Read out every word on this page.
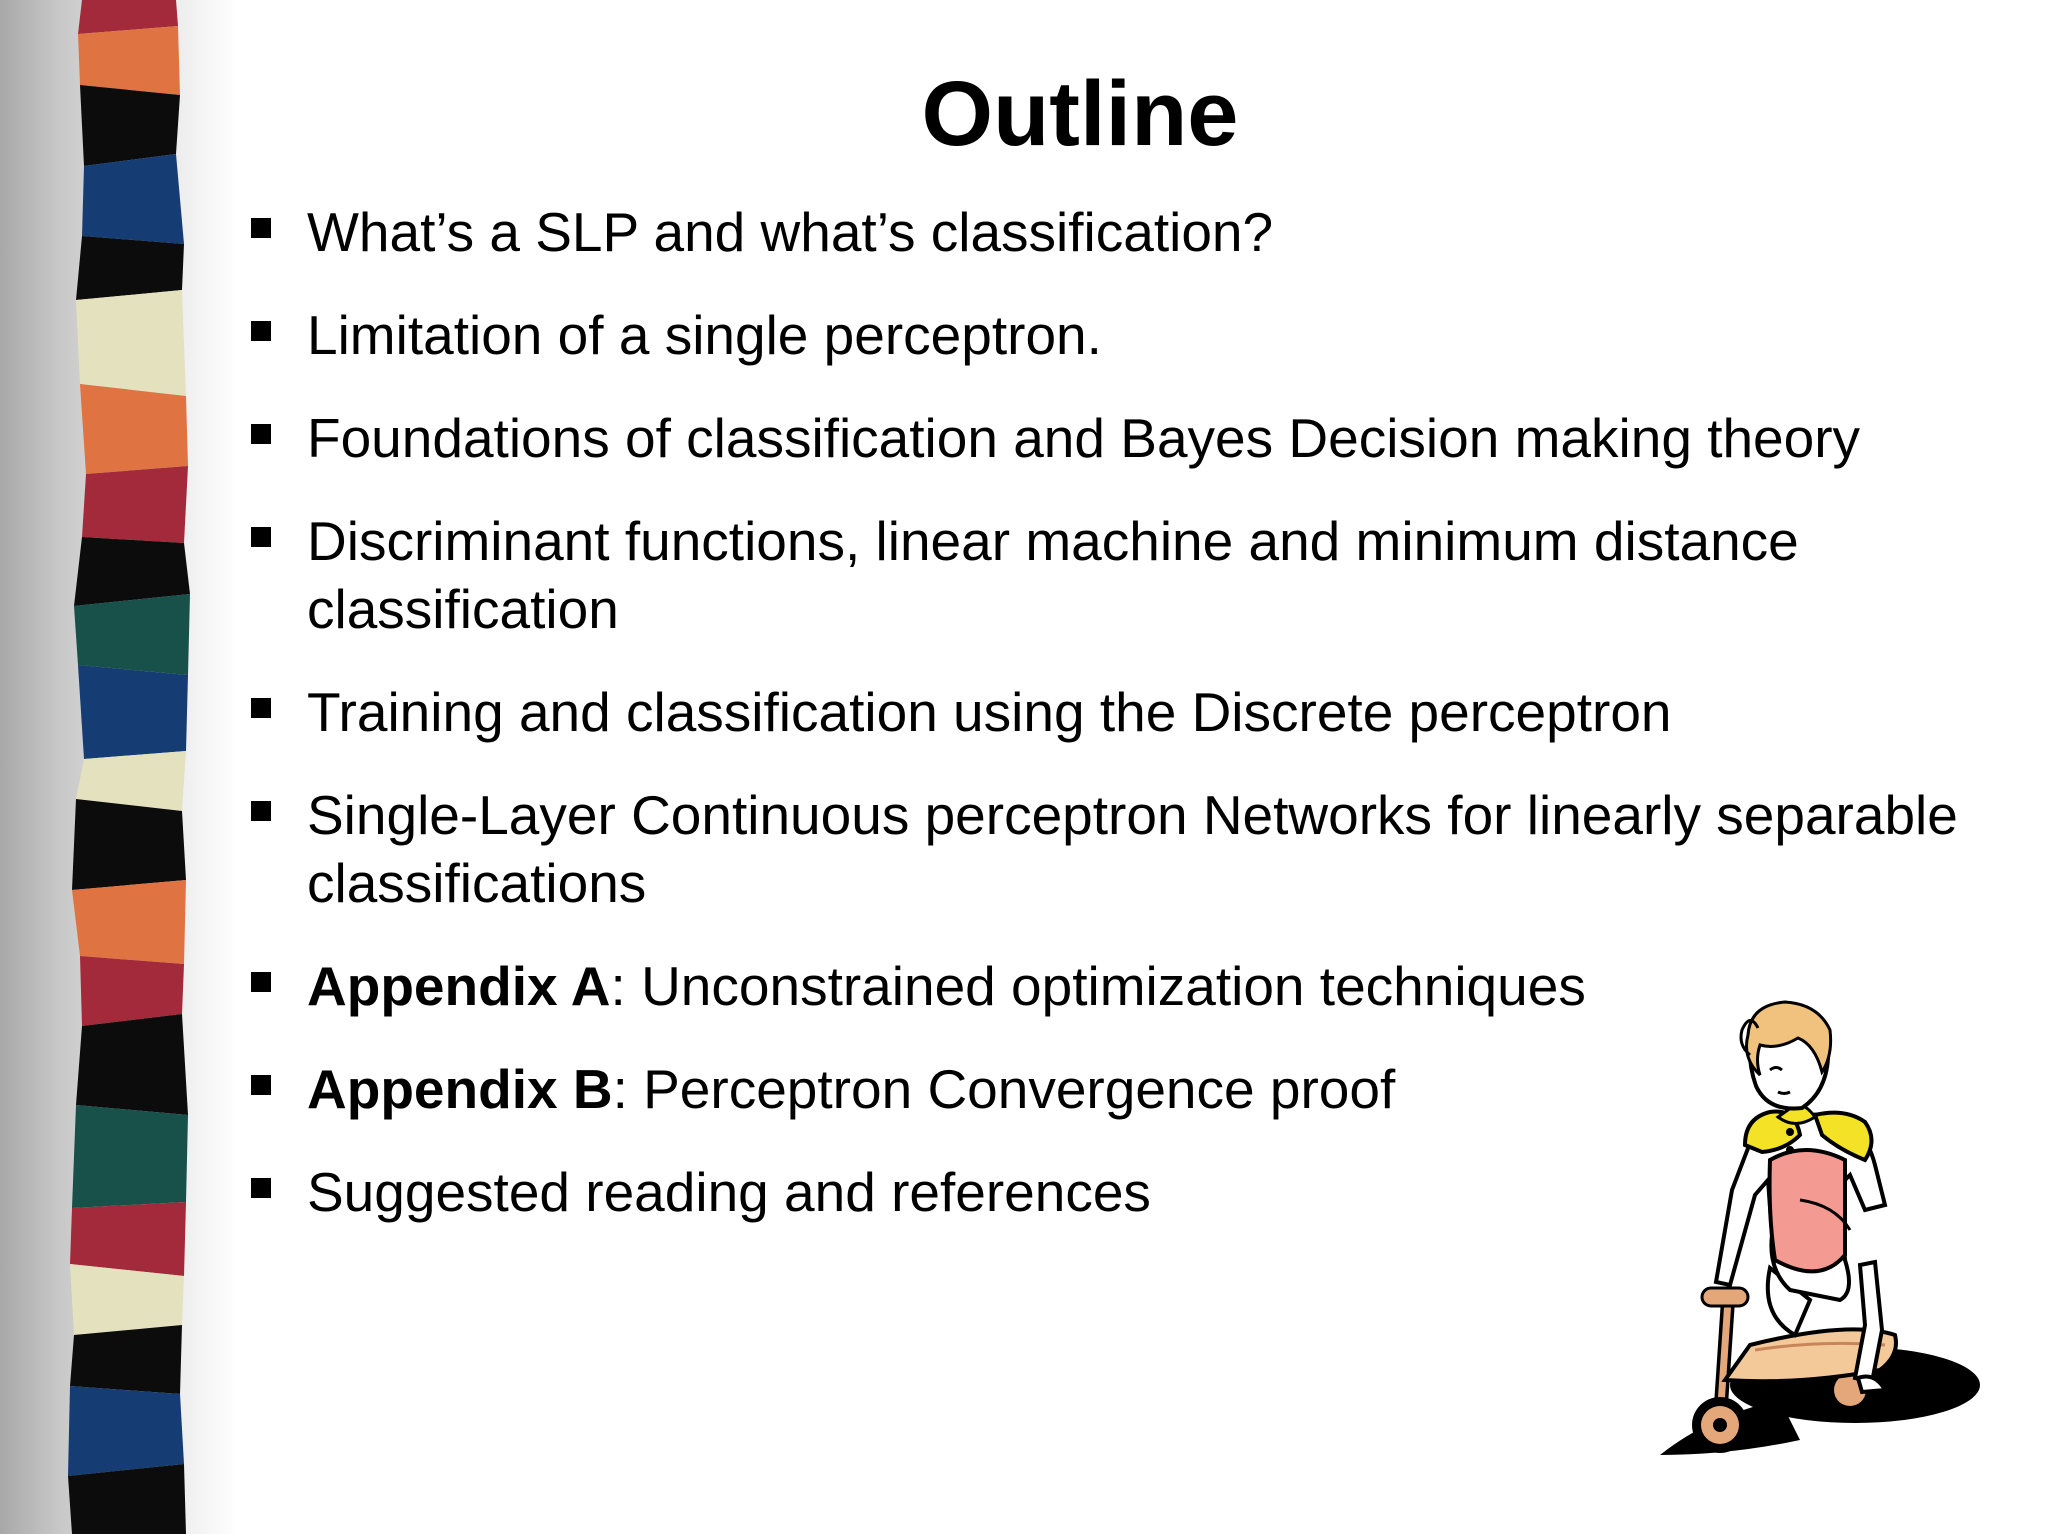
Outline
What’s a SLP and what’s classification?
Limitation of a single perceptron.
Foundations of classification and Bayes Decision making theory
Discriminant functions, linear machine and minimum distance classification
Training and classification using the Discrete perceptron
Single-Layer Continuous perceptron Networks for linearly separable classifications
Appendix A: Unconstrained optimization techniques
Appendix B: Perceptron Convergence proof
Suggested reading and references
